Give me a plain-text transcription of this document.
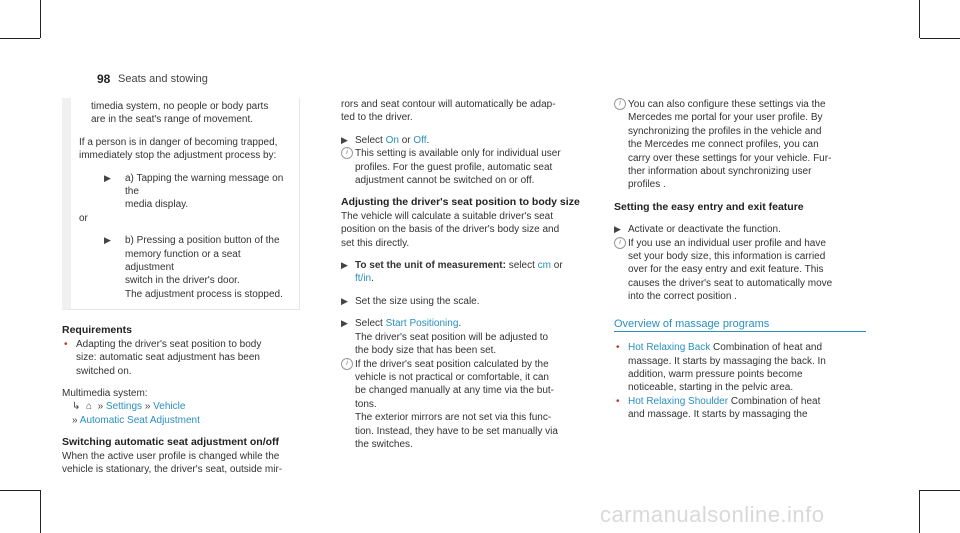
98 Seats and stowing

timedia system, no people or body parts

are in the seat's range of movement.

If a person is in danger of becoming trapped,

immediately stop the adjustment process by:

▶ a) Tapping the warning message on the

media display.

or

▶ b) Pressing a position button of the

memory function or a seat adjustment

switch in the driver's door.

The adjustment process is stopped.

Requirements

• Adapting the driver's seat position to body

size: automatic seat adjustment has been

switched on.

Multimedia system:

↳  ⌂  » Settings » Vehicle

» Automatic Seat Adjustment

Switching automatic seat adjustment on/off

When the active user profile is changed while the

vehicle is stationary, the driver's seat, outside mir-

rors and seat contour will automatically be adap-

ted to the driver.

▶ Select On or Off.

i This setting is available only for individual user

profiles. For the guest profile, automatic seat

adjustment cannot be switched on or off.

Adjusting the driver's seat position to body size

The vehicle will calculate a suitable driver's seat

position on the basis of the driver's body size and

set this directly.

▶ To set the unit of measurement: select cm or

ft/in.

▶ Set the size using the scale.

▶ Select Start Positioning.

The driver's seat position will be adjusted to

the body size that has been set.

i If the driver's seat position calculated by the

vehicle is not practical or comfortable, it can

be changed manually at any time via the but-

tons.

The exterior mirrors are not set via this func-

tion. Instead, they have to be set manually via

the switches.

i You can also configure these settings via the

Mercedes me portal for your user profile. By

synchronizing the profiles in the vehicle and

the Mercedes me connect profiles, you can

carry over these settings for your vehicle. Fur-

ther information about synchronizing user

profiles .

Setting the easy entry and exit feature

▶ Activate or deactivate the function.

i If you use an individual user profile and have

set your body size, this information is carried

over for the easy entry and exit feature. This

causes the driver's seat to automatically move

into the correct position .

Overview of massage programs

• Hot Relaxing Back Combination of heat and

massage. It starts by massaging the back. In

addition, warm pressure points become

noticeable, starting in the pelvic area.

• Hot Relaxing Shoulder Combination of heat

and massage. It starts by massaging the

carmanualsonline.info
